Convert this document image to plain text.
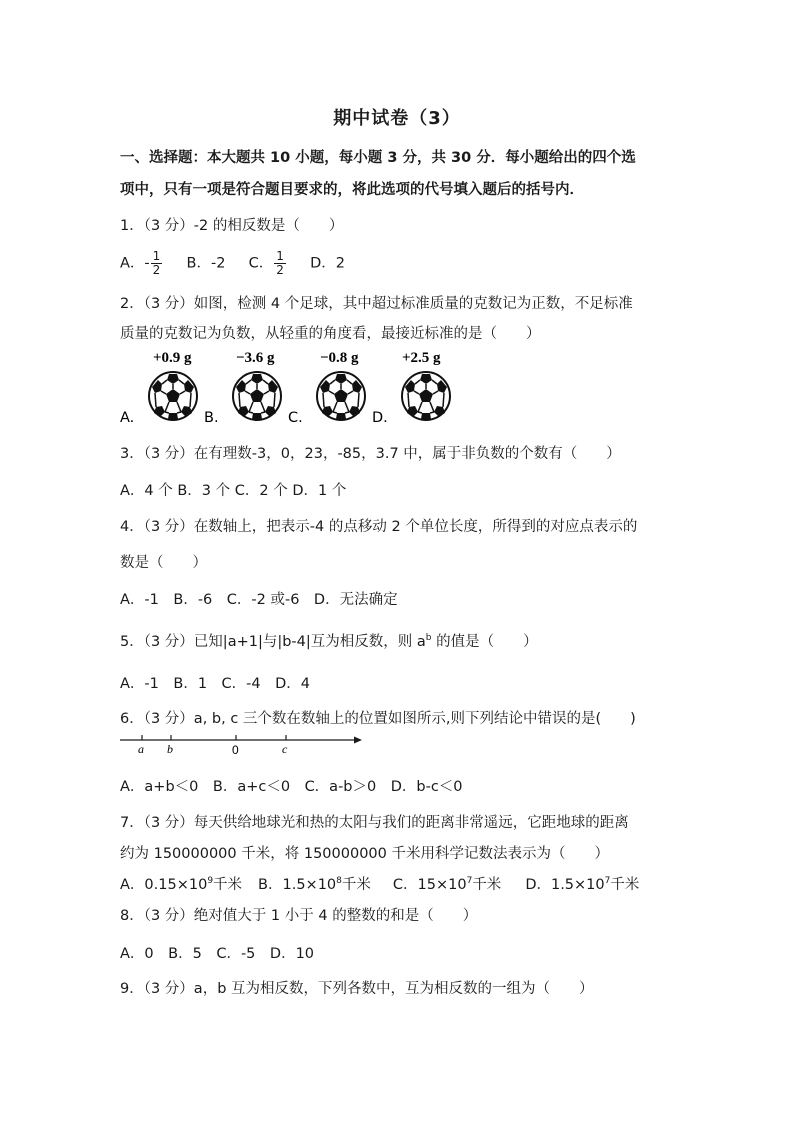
期中试卷（3）
一、选择题：本大题共 10 小题，每小题 3 分，共 30 分．每小题给出的四个选
项中，只有一项是符合题目要求的，将此选项的代号填入题后的括号内．
1．（3 分）-2 的相反数是（　　）
A．- $\frac{1}{2}$ B．-2 C． $\frac{1}{2}$ D．2
2．（3 分）如图，检测 4 个足球，其中超过标准质量的克数记为正数，不足标准
质量的克数记为负数，从轻重的角度看，最接近标准的是（　　）
+0.9 g
A.
−3.6 g
B.
−0.8 g
C.
+2.5 g
D.
3．（3 分）在有理数-3，0，23，-85，3.7 中，属于非负数的个数有（　　）
A．4 个 B．3 个 C．2 个 D．1 个
4．（3 分）在数轴上，把表示-4 的点移动 2 个单位长度，所得到的对应点表示的
数是（　　）
A．-1　B．-6　C．-2 或-6　D．无法确定
5．（3 分）已知|a+1|与|b-4|互为相反数，则 $a^b$ 的值是（　　）
A．-1　B．1　C．-4　D．4
6．（3 分）a, b, c 三个数在数轴上的位置如图所示,则下列结论中错误的是(　　)
a b	0	c
A．a+b＜0　B．a+c＜0　C．a-b＞0　D．b-c＜0
7．（3 分）每天供给地球光和热的太阳与我们的距离非常遥远，它距地球的距离
约为 150000000 千米，将 150000000 千米用科学记数法表示为（　　）
A．$0.15\times 10^9$千米 B．$1.5\times 10^8$千米 C．$15\times 10^7$千米 D．$1.5\times 10^7$千米
8．（3 分）绝对值大于 1 小于 4 的整数的和是（　　）
A．0　B．5　C．-5　D．10
9．（3 分）a，b 互为相反数，下列各数中，互为相反数的一组为（　　）
